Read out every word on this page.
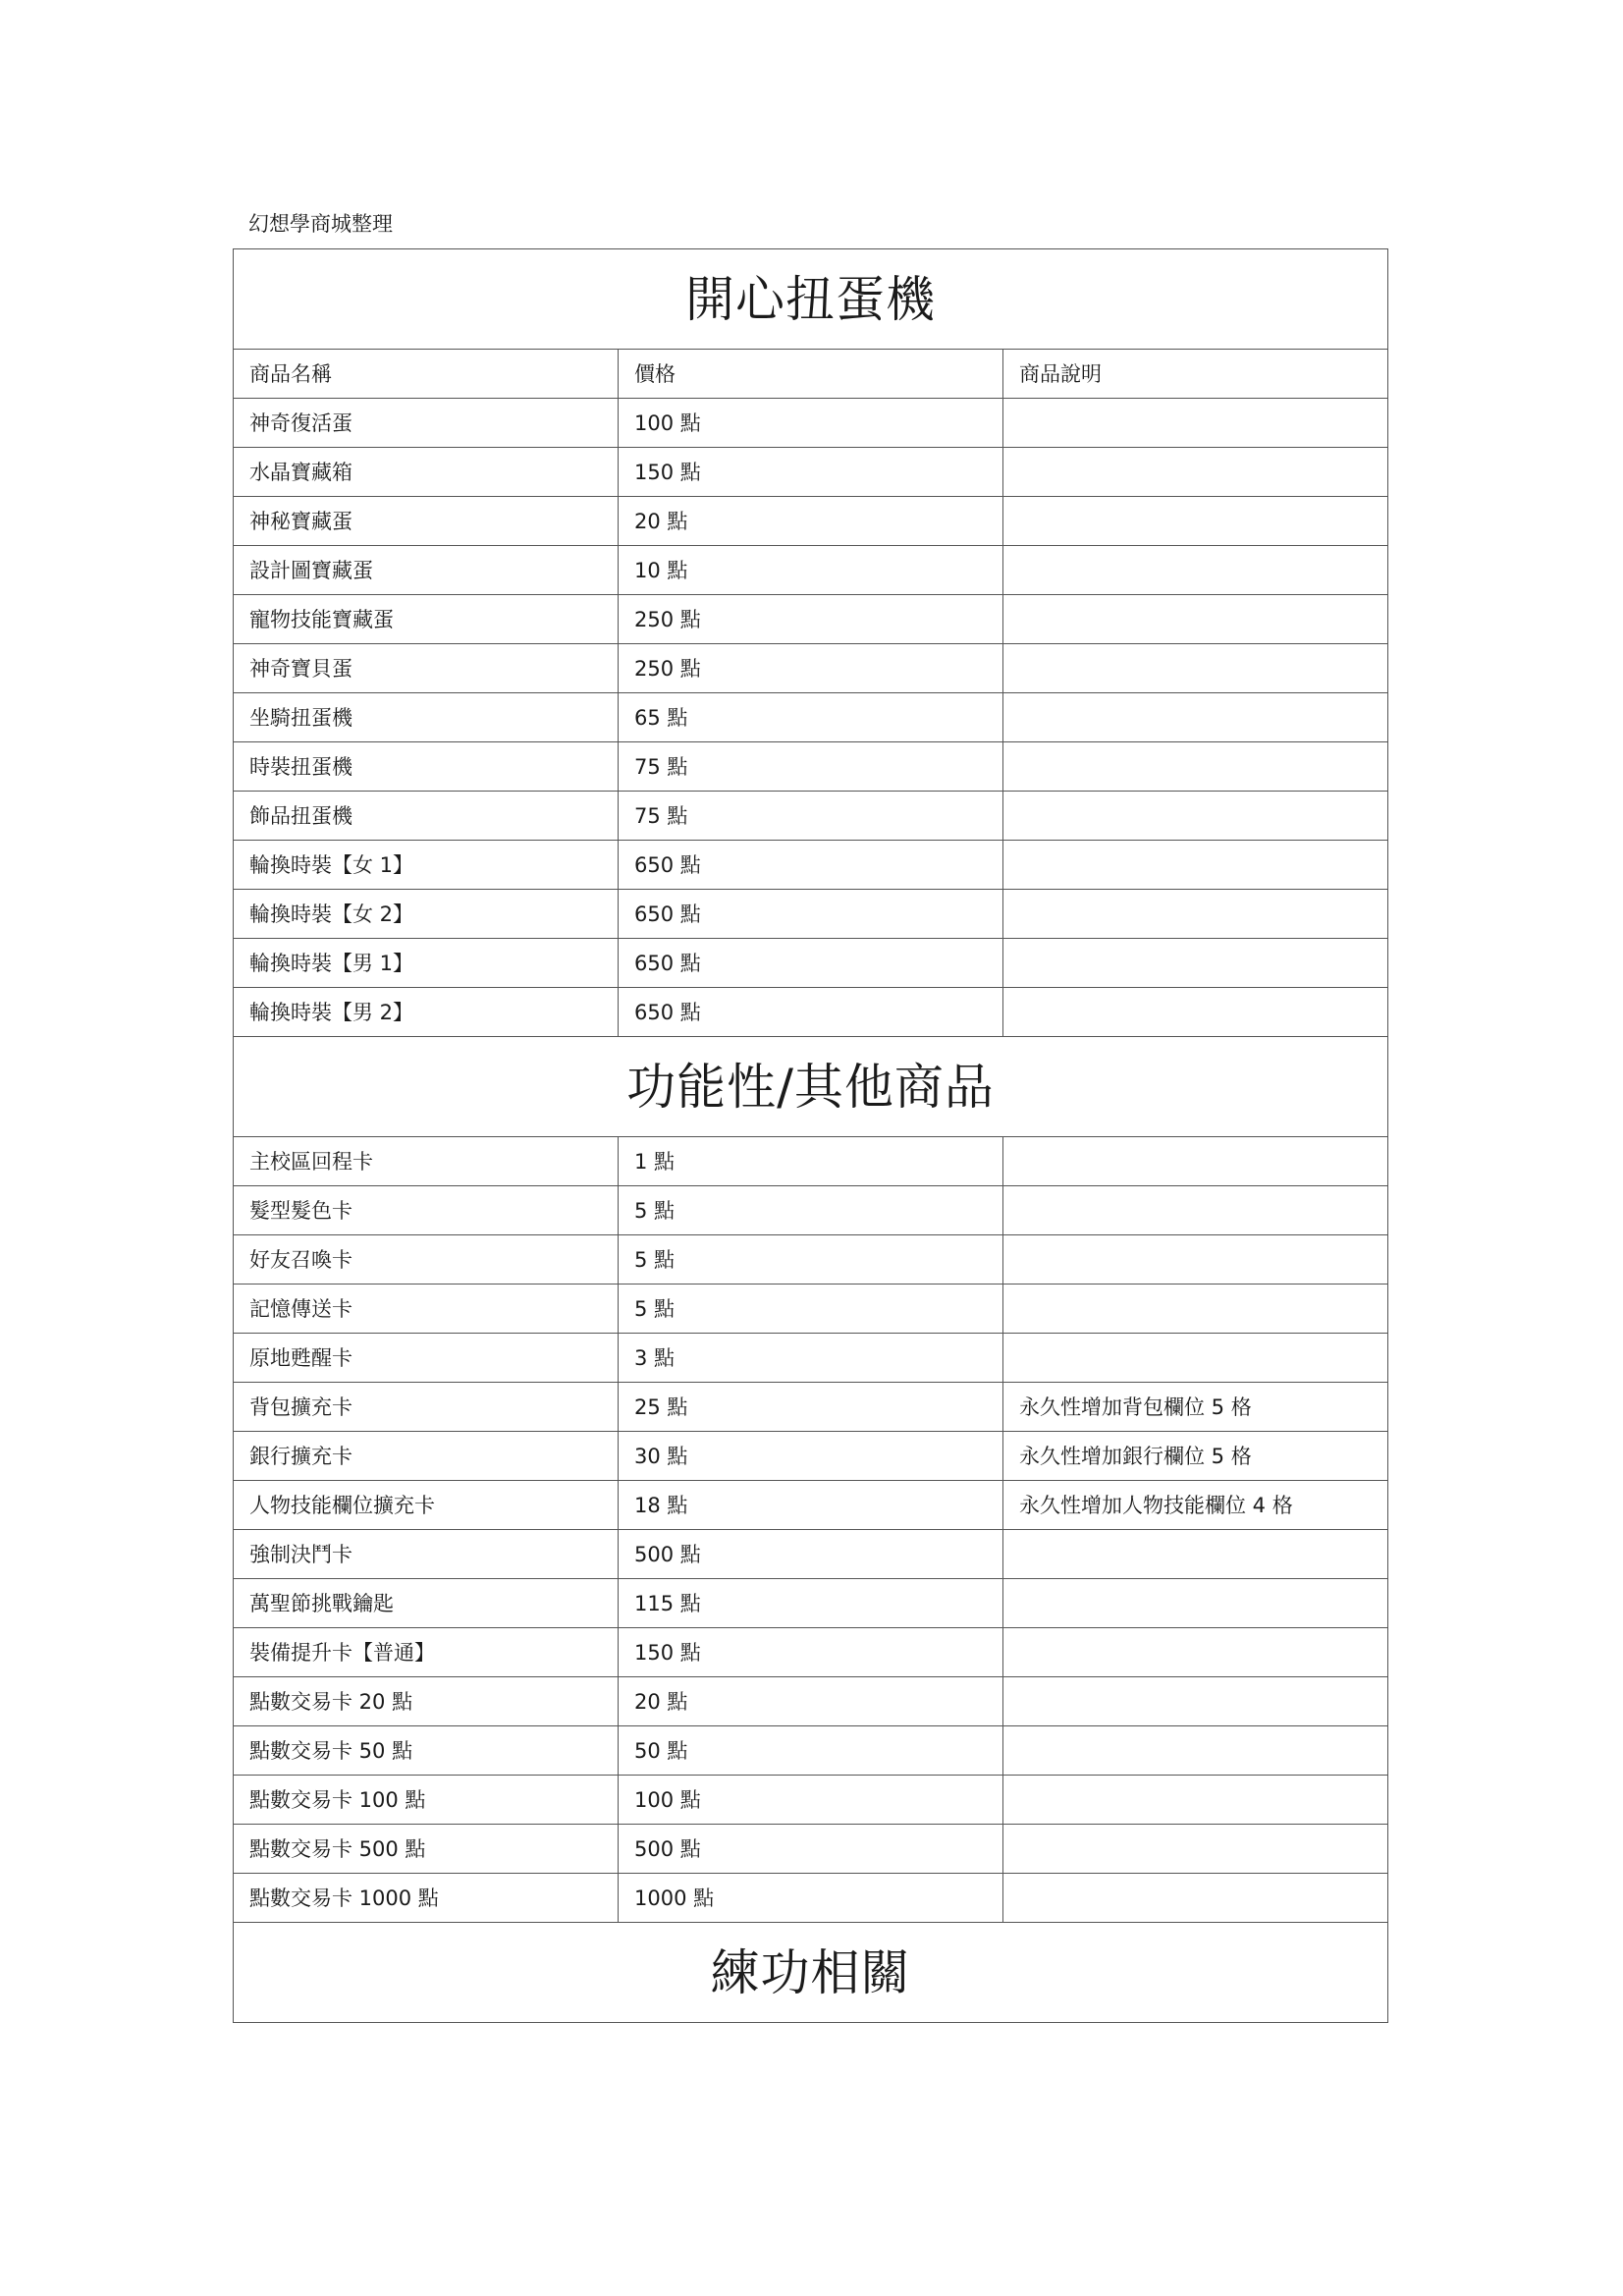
幻想學商城整理
開心扭蛋機		
商品名稱	價格	商品說明
神奇復活蛋	100 點	
水晶寶藏箱	150 點	
神秘寶藏蛋	20 點	
設計圖寶藏蛋	10 點	
寵物技能寶藏蛋	250 點	
神奇寶貝蛋	250 點	
坐騎扭蛋機	65 點	
時裝扭蛋機	75 點	
飾品扭蛋機	75 點	
輪換時裝【女 1】	650 點	
輪換時裝【女 2】	650 點	
輪換時裝【男 1】	650 點	
輪換時裝【男 2】	650 點	
功能性/其他商品		
主校區回程卡	1 點	
髮型髮色卡	5 點	
好友召喚卡	5 點	
記憶傳送卡	5 點	
原地甦醒卡	3 點	
背包擴充卡	25 點	永久性增加背包欄位 5 格
銀行擴充卡	30 點	永久性增加銀行欄位 5 格
人物技能欄位擴充卡	18 點	永久性增加人物技能欄位 4 格
強制決鬥卡	500 點	
萬聖節挑戰鑰匙	115 點	
裝備提升卡【普通】	150 點	
點數交易卡 20 點	20 點	
點數交易卡 50 點	50 點	
點數交易卡 100 點	100 點	
點數交易卡 500 點	500 點	
點數交易卡 1000 點	1000 點	
練功相關		
